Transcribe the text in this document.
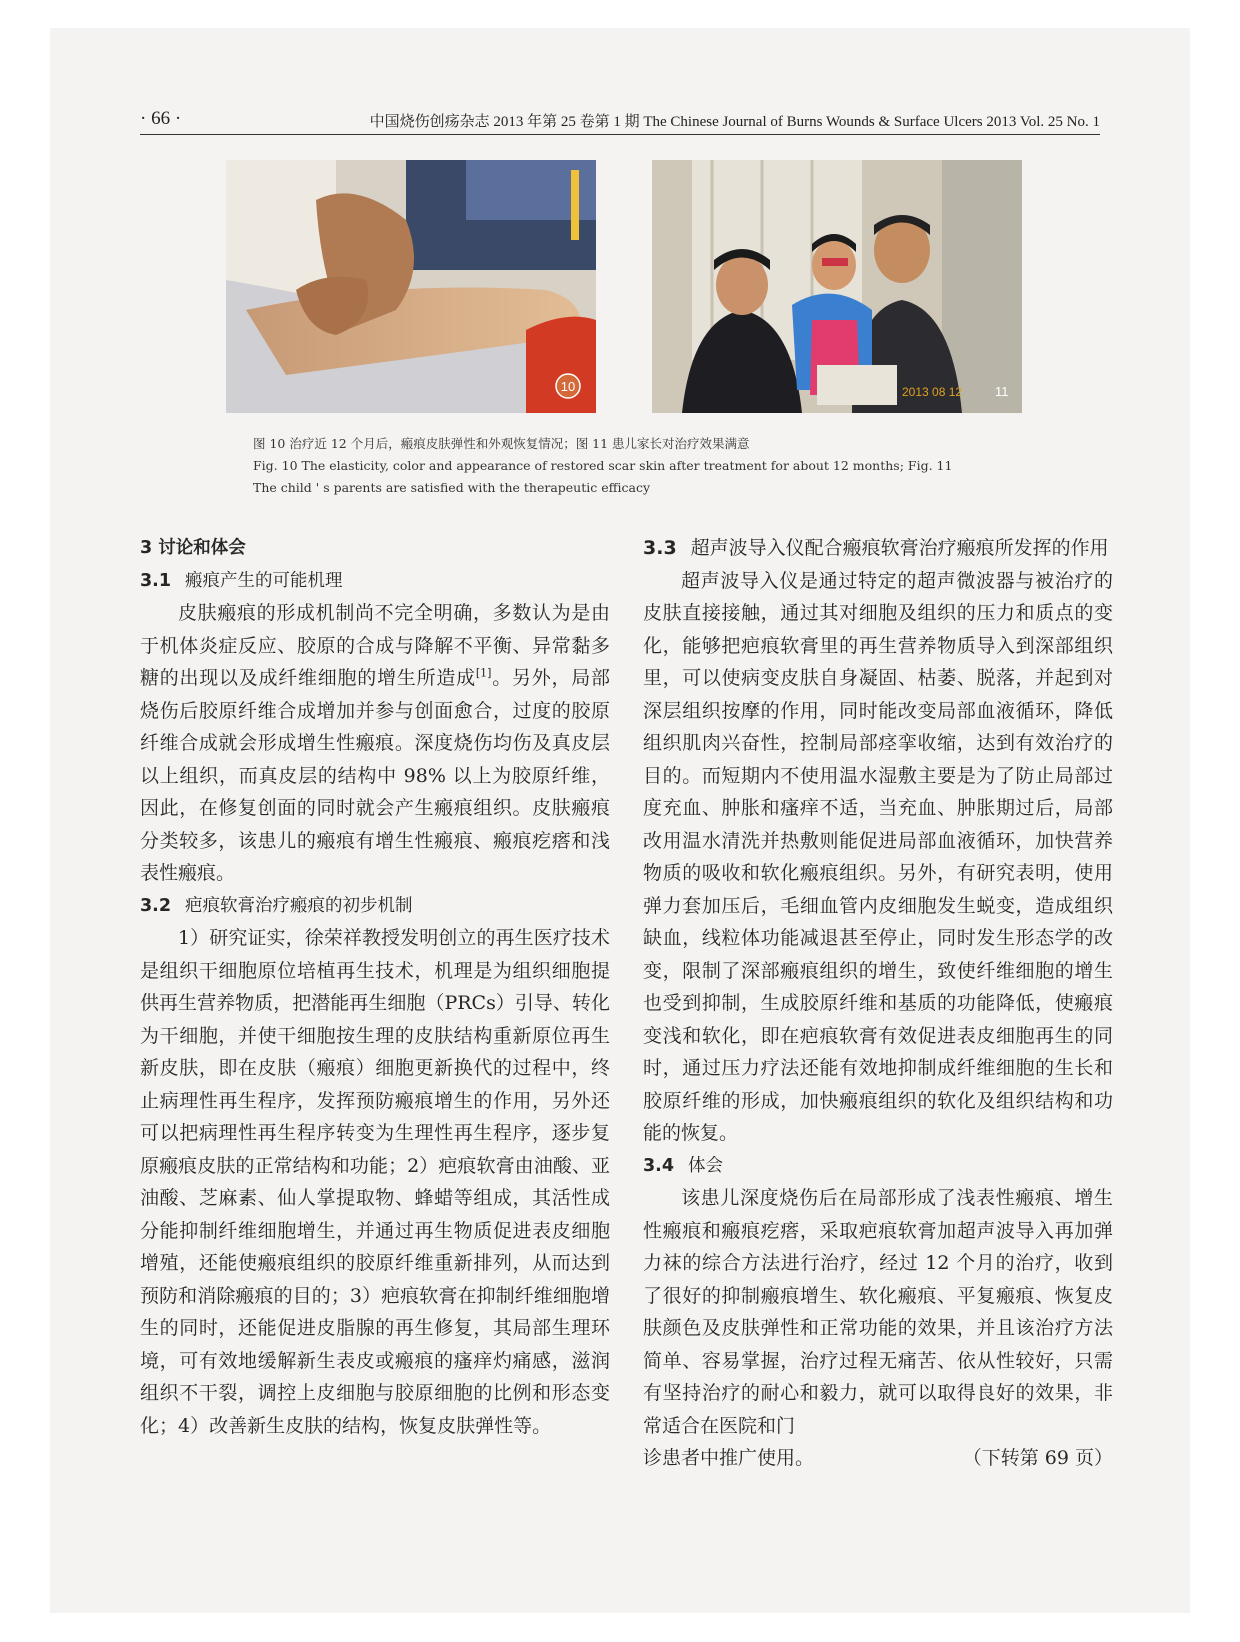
· 66 ·	中国烧伤创疡杂志 2013 年第 25 卷第 1 期 The Chinese Journal of Burns Wounds & Surface Ulcers 2013 Vol. 25 No. 1
10	2013 08 12	11
图 10 治疗近 12 个月后，瘢痕皮肤弹性和外观恢复情况；图 11 患儿家长对治疗效果满意
Fig. 10 The elasticity, color and appearance of restored scar skin after treatment for about 12 months; Fig. 11
The child ' s parents are satisfied with the therapeutic efficacy
3 讨论和体会
3.1 瘢痕产生的可能机理

皮肤瘢痕的形成机制尚不完全明确，多数认为是由于机体炎症反应、胶原的合成与降解不平衡、异常黏多糖的出现以及成纤维细胞的增生所造成[1]。另外，局部烧伤后胶原纤维合成增加并参与创面愈合，过度的胶原纤维合成就会形成增生性瘢痕。深度烧伤均伤及真皮层以上组织，而真皮层的结构中 98% 以上为胶原纤维，因此，在修复创面的同时就会产生瘢痕组织。皮肤瘢痕分类较多，该患儿的瘢痕有增生性瘢痕、瘢痕疙瘩和浅表性瘢痕。

3.2 疤痕软膏治疗瘢痕的初步机制

1）研究证实，徐荣祥教授发明创立的再生医疗技术是组织干细胞原位培植再生技术，机理是为组织细胞提供再生营养物质，把潜能再生细胞（PRCs）引导、转化为干细胞，并使干细胞按生理的皮肤结构重新原位再生新皮肤，即在皮肤（瘢痕）细胞更新换代的过程中，终止病理性再生程序，发挥预防瘢痕增生的作用，另外还可以把病理性再生程序转变为生理性再生程序，逐步复原瘢痕皮肤的正常结构和功能；2）疤痕软膏由油酸、亚油酸、芝麻素、仙人掌提取物、蜂蜡等组成，其活性成分能抑制纤维细胞增生，并通过再生物质促进表皮细胞增殖，还能使瘢痕组织的胶原纤维重新排列，从而达到预防和消除瘢痕的目的；3）疤痕软膏在抑制纤维细胞增生的同时，还能促进皮脂腺的再生修复，其局部生理环境，可有效地缓解新生表皮或瘢痕的瘙痒灼痛感，滋润组织不干裂，调控上皮细胞与胶原细胞的比例和形态变化；4）改善新生皮肤的结构，恢复皮肤弹性等。

3.3 超声波导入仪配合瘢痕软膏治疗瘢痕所发挥的作用

超声波导入仪是通过特定的超声微波器与被治疗的皮肤直接接触，通过其对细胞及组织的压力和质点的变化，能够把疤痕软膏里的再生营养物质导入到深部组织里，可以使病变皮肤自身凝固、枯萎、脱落，并起到对深层组织按摩的作用，同时能改变局部血液循环，降低组织肌肉兴奋性，控制局部痉挛收缩，达到有效治疗的目的。而短期内不使用温水湿敷主要是为了防止局部过度充血、肿胀和瘙痒不适，当充血、肿胀期过后，局部改用温水清洗并热敷则能促进局部血液循环，加快营养物质的吸收和软化瘢痕组织。另外，有研究表明，使用弹力套加压后，毛细血管内皮细胞发生蜕变，造成组织缺血，线粒体功能减退甚至停止，同时发生形态学的改变，限制了深部瘢痕组织的增生，致使纤维细胞的增生也受到抑制，生成胶原纤维和基质的功能降低，使瘢痕变浅和软化，即在疤痕软膏有效促进表皮细胞再生的同时，通过压力疗法还能有效地抑制成纤维细胞的生长和胶原纤维的形成，加快瘢痕组织的软化及组织结构和功能的恢复。

3.4 体会

该患儿深度烧伤后在局部形成了浅表性瘢痕、增生性瘢痕和瘢痕疙瘩，采取疤痕软膏加超声波导入再加弹力袜的综合方法进行治疗，经过 12 个月的治疗，收到了很好的抑制瘢痕增生、软化瘢痕、平复瘢痕、恢复皮肤颜色及皮肤弹性和正常功能的效果，并且该治疗方法简单、容易掌握，治疗过程无痛苦、依从性较好，只需有坚持治疗的耐心和毅力，就可以取得良好的效果，非常适合在医院和门

诊患者中推广使用。	（下转第 69 页）
